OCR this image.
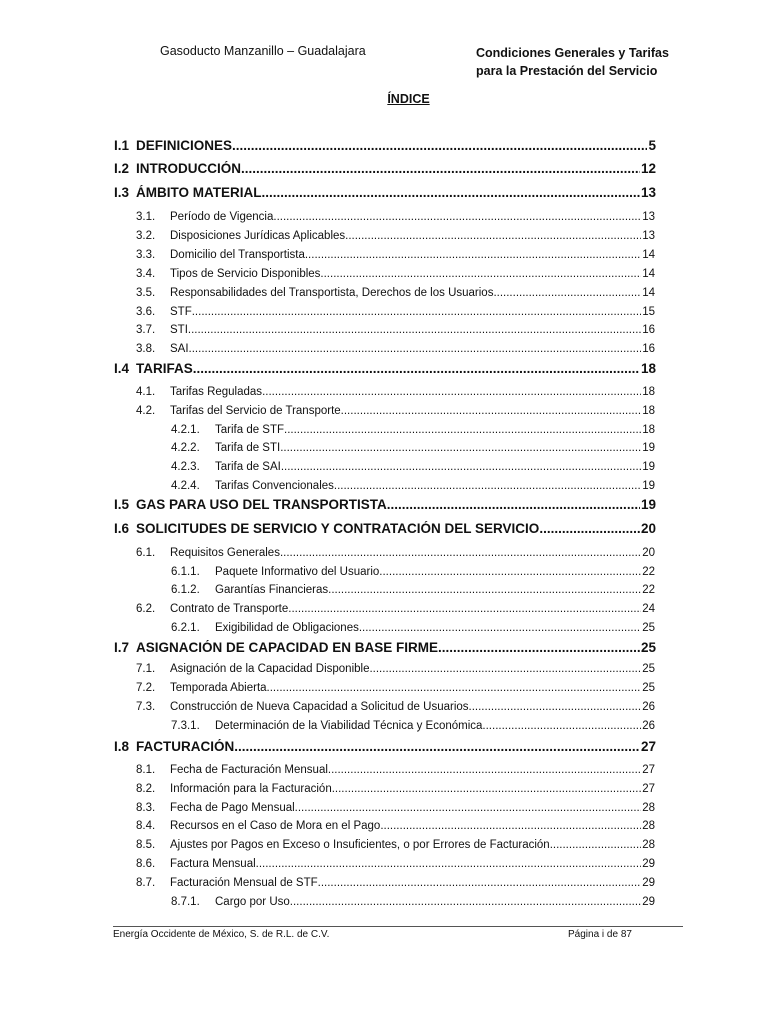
Gasoducto Manzanillo – Guadalajara	Condiciones Generales y Tarifas
para la Prestación del Servicio
ÍNDICE
I.1 DEFINICIONES .....	5
I.2 INTRODUCCIÓN .....	12
I.3 ÁMBITO MATERIAL .....	13
3.1.	Período de Vigencia .....	13
3.2.	Disposiciones Jurídicas Aplicables .....	13
3.3.	Domicilio del Transportista .....	14
3.4.	Tipos de Servicio Disponibles .....	14
3.5.	Responsabilidades del Transportista, Derechos de los Usuarios .....	14
3.6.	STF .....	15
3.7.	STI .....	16
3.8.	SAI .....	16
I.4 TARIFAS .....	18
4.1.	Tarifas Reguladas .....	18
4.2.	Tarifas del Servicio de Transporte .....	18
4.2.1.	Tarifa de STF .....	18
4.2.2.	Tarifa de STI .....	19
4.2.3.	Tarifa de SAI .....	19
4.2.4.	Tarifas Convencionales .....	19
I.5 GAS PARA USO DEL TRANSPORTISTA .....	19
I.6 SOLICITUDES DE SERVICIO Y CONTRATACIÓN DEL SERVICIO .....	20
6.1.	Requisitos Generales .....	20
6.1.1.	Paquete Informativo del Usuario .....	22
6.1.2.	Garantías Financieras .....	22
6.2.	Contrato de Transporte .....	24
6.2.1.	Exigibilidad de Obligaciones .....	25
I.7 ASIGNACIÓN DE CAPACIDAD EN BASE FIRME .....	25
7.1.	Asignación de la Capacidad Disponible .....	25
7.2.	Temporada Abierta .....	25
7.3.	Construcción de Nueva Capacidad a Solicitud de Usuarios .....	26
7.3.1.	Determinación de la Viabilidad Técnica y Económica .....	26
I.8 FACTURACIÓN .....	27
8.1.	Fecha de Facturación Mensual .....	27
8.2.	Información para la Facturación .....	27
8.3.	Fecha de Pago Mensual .....	28
8.4.	Recursos en el Caso de Mora en el Pago .....	28
8.5.	Ajustes por Pagos en Exceso o Insuficientes, o por Errores de Facturación .....	28
8.6.	Factura Mensual .....	29
8.7.	Facturación Mensual de STF .....	29
8.7.1.	Cargo por Uso .....	29
Energía Occidente de México, S. de R.L. de C.V.	Página i de 87
